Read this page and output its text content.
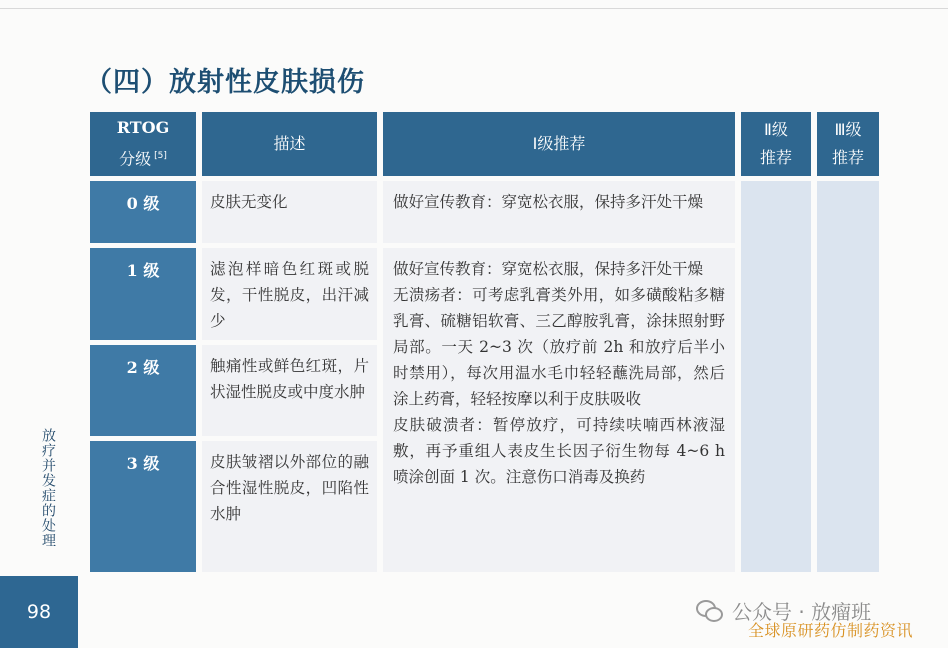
（四）放射性皮肤损伤
RTOG
分级 [5]
描述	Ⅰ级推荐
Ⅱ级
推荐
Ⅲ级
推荐
0 级
1 级
2 级
3 级
皮肤无变化
滤泡样暗色红斑或脱发，干性脱皮，出汗减少
触痛性或鲜色红斑，片状湿性脱皮或中度水肿
皮肤皱褶以外部位的融合性湿性脱皮，凹陷性水肿
做好宣传教育：穿宽松衣服，保持多汗处干燥
做好宣传教育：穿宽松衣服，保持多汗处干燥
无溃疡者：可考虑乳膏类外用，如多磺酸粘多糖乳膏、硫糖铝软膏、三乙醇胺乳膏，涂抹照射野局部。一天 2~3 次（放疗前 2h 和放疗后半小时禁用），每次用温水毛巾轻轻蘸洗局部，然后涂上药膏，轻轻按摩以利于皮肤吸收
皮肤破溃者：暂停放疗，可持续呋喃西林液湿敷，再予重组人表皮生长因子衍生物每 4~6 h 喷涂创面 1 次。注意伤口消毒及换药
放疗并发症的处理
98	公众号 · 放瘤班
全球原研药仿制药资讯
